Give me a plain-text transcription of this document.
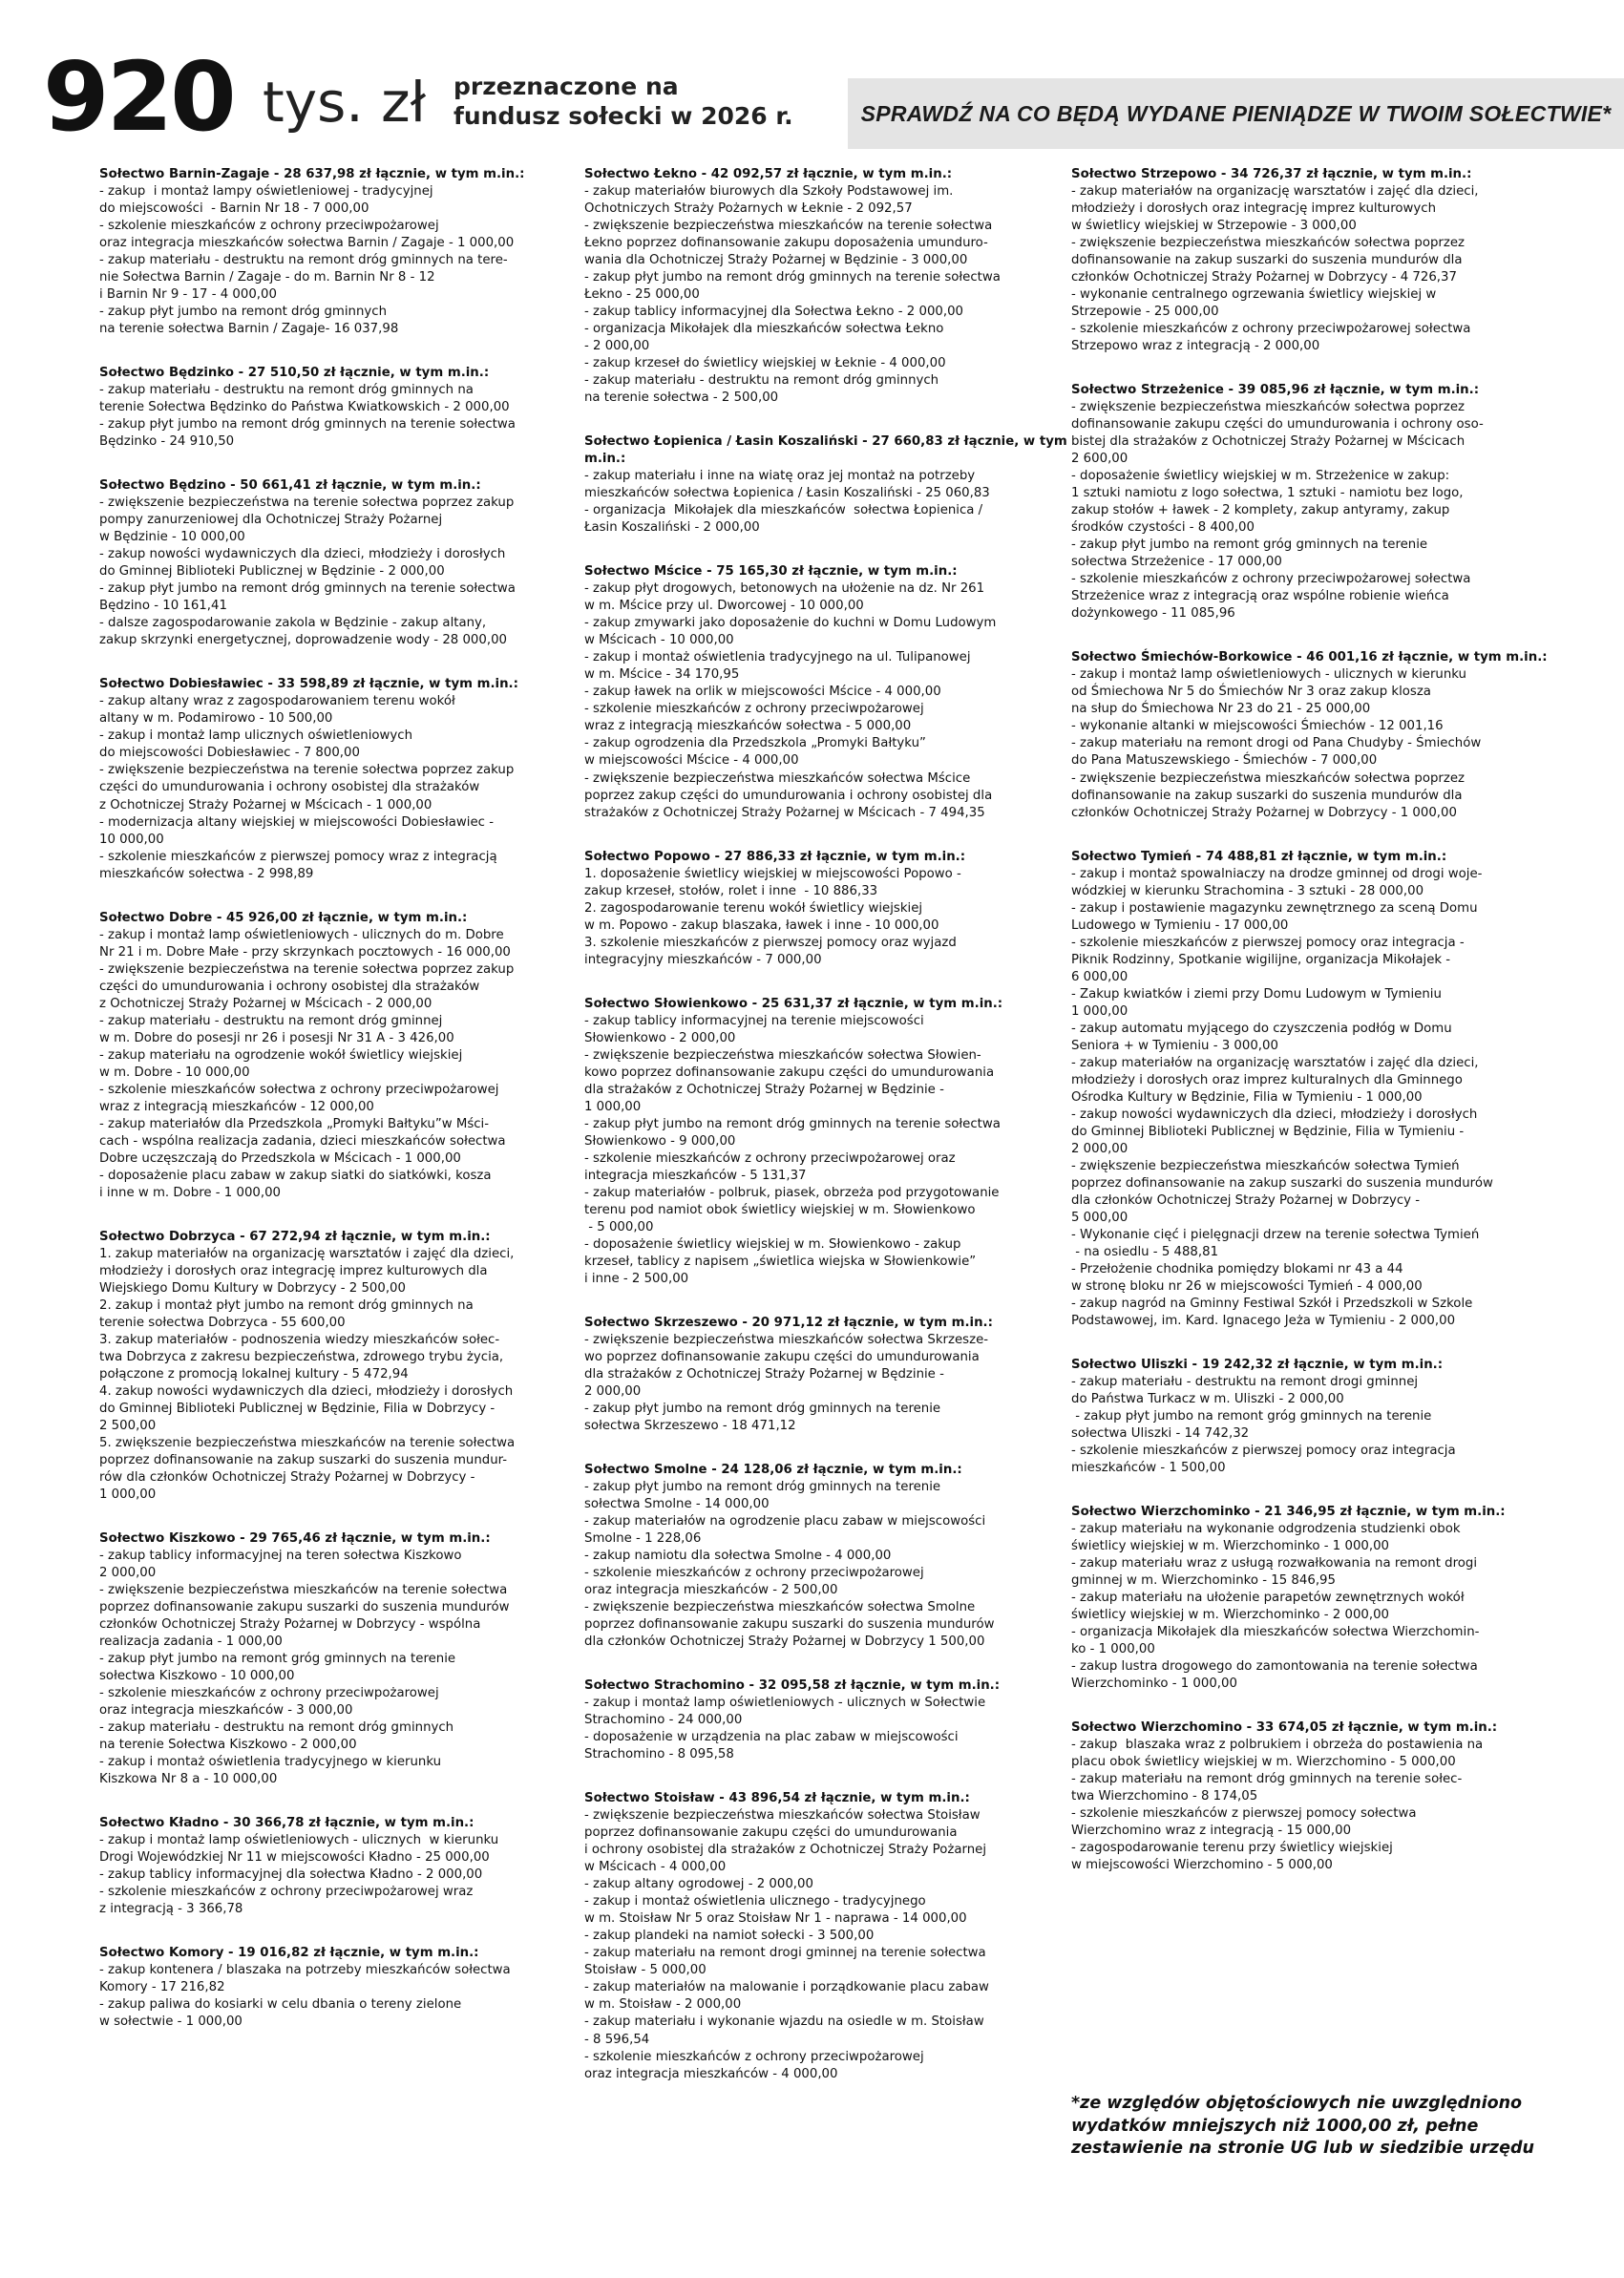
920 tys. zł przeznaczone na
fundusz sołecki w 2026 r.	SPRAWDŹ NA CO BĘDĄ WYDANE PIENIĄDZE W TWOIM SOŁECTWIE*
Sołectwo Barnin-Zagaje - 28 637,98 zł łącznie, w tym m.in.:
- zakup  i montaż lampy oświetleniowej - tradycyjnej
do miejscowości  - Barnin Nr 18 - 7 000,00
- szkolenie mieszkańców z ochrony przeciwpożarowej
oraz integracja mieszkańców sołectwa Barnin / Zagaje - 1 000,00
- zakup materiału - destruktu na remont dróg gminnych na tere-
nie Sołectwa Barnin / Zagaje - do m. Barnin Nr 8 - 12
i Barnin Nr 9 - 17 - 4 000,00
- zakup płyt jumbo na remont dróg gminnych
na terenie sołectwa Barnin / Zagaje- 16 037,98
Sołectwo Będzinko - 27 510,50 zł łącznie, w tym m.in.:
- zakup materiału - destruktu na remont dróg gminnych na
terenie Sołectwa Będzinko do Państwa Kwiatkowskich - 2 000,00
- zakup płyt jumbo na remont dróg gminnych na terenie sołectwa
Będzinko - 24 910,50
Sołectwo Będzino - 50 661,41 zł łącznie, w tym m.in.:
- zwiększenie bezpieczeństwa na terenie sołectwa poprzez zakup
pompy zanurzeniowej dla Ochotniczej Straży Pożarnej
w Będzinie - 10 000,00
- zakup nowości wydawniczych dla dzieci, młodzieży i dorosłych
do Gminnej Biblioteki Publicznej w Będzinie - 2 000,00
- zakup płyt jumbo na remont dróg gminnych na terenie sołectwa
Będzino - 10 161,41
- dalsze zagospodarowanie zakola w Będzinie - zakup altany,
zakup skrzynki energetycznej, doprowadzenie wody - 28 000,00
Sołectwo Dobiesławiec - 33 598,89 zł łącznie, w tym m.in.:
- zakup altany wraz z zagospodarowaniem terenu wokół
altany w m. Podamirowo - 10 500,00
- zakup i montaż lamp ulicznych oświetleniowych
do miejscowości Dobiesławiec - 7 800,00
- zwiększenie bezpieczeństwa na terenie sołectwa poprzez zakup
części do umundurowania i ochrony osobistej dla strażaków
z Ochotniczej Straży Pożarnej w Mścicach - 1 000,00
- modernizacja altany wiejskiej w miejscowości Dobiesławiec -
10 000,00
- szkolenie mieszkańców z pierwszej pomocy wraz z integracją
mieszkańców sołectwa - 2 998,89
Sołectwo Dobre - 45 926,00 zł łącznie, w tym m.in.:
- zakup i montaż lamp oświetleniowych - ulicznych do m. Dobre
Nr 21 i m. Dobre Małe - przy skrzynkach pocztowych - 16 000,00
- zwiększenie bezpieczeństwa na terenie sołectwa poprzez zakup
części do umundurowania i ochrony osobistej dla strażaków
z Ochotniczej Straży Pożarnej w Mścicach - 2 000,00
- zakup materiału - destruktu na remont dróg gminnej
w m. Dobre do posesji nr 26 i posesji Nr 31 A - 3 426,00
- zakup materiału na ogrodzenie wokół świetlicy wiejskiej
w m. Dobre - 10 000,00
- szkolenie mieszkańców sołectwa z ochrony przeciwpożarowej
wraz z integracją mieszkańców - 12 000,00
- zakup materiałów dla Przedszkola „Promyki Bałtyku”w Mści-
cach - wspólna realizacja zadania, dzieci mieszkańców sołectwa
Dobre uczęszczają do Przedszkola w Mścicach - 1 000,00
- doposażenie placu zabaw w zakup siatki do siatkówki, kosza
i inne w m. Dobre - 1 000,00
Sołectwo Dobrzyca - 67 272,94 zł łącznie, w tym m.in.:
1. zakup materiałów na organizację warsztatów i zajęć dla dzieci,
młodzieży i dorosłych oraz integrację imprez kulturowych dla
Wiejskiego Domu Kultury w Dobrzycy - 2 500,00
2. zakup i montaż płyt jumbo na remont dróg gminnych na
terenie sołectwa Dobrzyca - 55 600,00
3. zakup materiałów - podnoszenia wiedzy mieszkańców sołec-
twa Dobrzyca z zakresu bezpieczeństwa, zdrowego trybu życia,
połączone z promocją lokalnej kultury - 5 472,94
4. zakup nowości wydawniczych dla dzieci, młodzieży i dorosłych
do Gminnej Biblioteki Publicznej w Będzinie, Filia w Dobrzycy -
2 500,00
5. zwiększenie bezpieczeństwa mieszkańców na terenie sołectwa
poprzez dofinansowanie na zakup suszarki do suszenia mundur-
rów dla członków Ochotniczej Straży Pożarnej w Dobrzycy -
1 000,00
Sołectwo Kiszkowo - 29 765,46 zł łącznie, w tym m.in.:
- zakup tablicy informacyjnej na teren sołectwa Kiszkowo
2 000,00
- zwiększenie bezpieczeństwa mieszkańców na terenie sołectwa
poprzez dofinansowanie zakupu suszarki do suszenia mundurów
członków Ochotniczej Straży Pożarnej w Dobrzycy - wspólna
realizacja zadania - 1 000,00
- zakup płyt jumbo na remont gróg gminnych na terenie
sołectwa Kiszkowo - 10 000,00
- szkolenie mieszkańców z ochrony przeciwpożarowej
oraz integracja mieszkańców - 3 000,00
- zakup materiału - destruktu na remont dróg gminnych
na terenie Sołectwa Kiszkowo - 2 000,00
- zakup i montaż oświetlenia tradycyjnego w kierunku
Kiszkowa Nr 8 a - 10 000,00
Sołectwo Kładno - 30 366,78 zł łącznie, w tym m.in.:
- zakup i montaż lamp oświetleniowych - ulicznych  w kierunku
Drogi Wojewódzkiej Nr 11 w miejscowości Kładno - 25 000,00
- zakup tablicy informacyjnej dla sołectwa Kładno - 2 000,00
- szkolenie mieszkańców z ochrony przeciwpożarowej wraz
z integracją - 3 366,78
Sołectwo Komory - 19 016,82 zł łącznie, w tym m.in.:
- zakup kontenera / blaszaka na potrzeby mieszkańców sołectwa
Komory - 17 216,82
- zakup paliwa do kosiarki w celu dbania o tereny zielone
w sołectwie - 1 000,00
Sołectwo Łekno - 42 092,57 zł łącznie, w tym m.in.:
- zakup materiałów biurowych dla Szkoły Podstawowej im.
Ochotniczych Straży Pożarnych w Łeknie - 2 092,57
- zwiększenie bezpieczeństwa mieszkańców na terenie sołectwa
Łekno poprzez dofinansowanie zakupu doposażenia umunduro-
wania dla Ochotniczej Straży Pożarnej w Będzinie - 3 000,00
- zakup płyt jumbo na remont dróg gminnych na terenie sołectwa
Łekno - 25 000,00
- zakup tablicy informacyjnej dla Sołectwa Łekno - 2 000,00
- organizacja Mikołajek dla mieszkańców sołectwa Łekno
- 2 000,00
- zakup krzeseł do świetlicy wiejskiej w Łeknie - 4 000,00
- zakup materiału - destruktu na remont dróg gminnych
na terenie sołectwa - 2 500,00
Sołectwo Łopienica / Łasin Koszaliński - 27 660,83 zł łącznie, w tym m.in.:
- zakup materiału i inne na wiatę oraz jej montaż na potrzeby
mieszkańców sołectwa Łopienica / Łasin Koszaliński - 25 060,83
- organizacja  Mikołajek dla mieszkańców  sołectwa Łopienica /
Łasin Koszaliński - 2 000,00
Sołectwo Mścice - 75 165,30 zł łącznie, w tym m.in.:
- zakup płyt drogowych, betonowych na ułożenie na dz. Nr 261
w m. Mścice przy ul. Dworcowej - 10 000,00
- zakup zmywarki jako doposażenie do kuchni w Domu Ludowym
w Mścicach - 10 000,00
- zakup i montaż oświetlenia tradycyjnego na ul. Tulipanowej
w m. Mścice - 34 170,95
- zakup ławek na orlik w miejscowości Mścice - 4 000,00
- szkolenie mieszkańców z ochrony przeciwpożarowej
wraz z integracją mieszkańców sołectwa - 5 000,00
- zakup ogrodzenia dla Przedszkola „Promyki Bałtyku”
w miejscowości Mścice - 4 000,00
- zwiększenie bezpieczeństwa mieszkańców sołectwa Mścice
poprzez zakup części do umundurowania i ochrony osobistej dla
strażaków z Ochotniczej Straży Pożarnej w Mścicach - 7 494,35
Sołectwo Popowo - 27 886,33 zł łącznie, w tym m.in.:
1. doposażenie świetlicy wiejskiej w miejscowości Popowo -
zakup krzeseł, stołów, rolet i inne  - 10 886,33
2. zagospodarowanie terenu wokół świetlicy wiejskiej
w m. Popowo - zakup blaszaka, ławek i inne - 10 000,00
3. szkolenie mieszkańców z pierwszej pomocy oraz wyjazd
integracyjny mieszkańców - 7 000,00
Sołectwo Słowienkowo - 25 631,37 zł łącznie, w tym m.in.:
- zakup tablicy informacyjnej na terenie miejscowości
Słowienkowo - 2 000,00
- zwiększenie bezpieczeństwa mieszkańców sołectwa Słowien-
kowo poprzez dofinansowanie zakupu części do umundurowania
dla strażaków z Ochotniczej Straży Pożarnej w Będzinie -
1 000,00
- zakup płyt jumbo na remont dróg gminnych na terenie sołectwa
Słowienkowo - 9 000,00
- szkolenie mieszkańców z ochrony przeciwpożarowej oraz
integracja mieszkańców - 5 131,37
- zakup materiałów - polbruk, piasek, obrzeża pod przygotowanie
terenu pod namiot obok świetlicy wiejskiej w m. Słowienkowo
- 5 000,00
- doposażenie świetlicy wiejskiej w m. Słowienkowo - zakup
krzeseł, tablicy z napisem „świetlica wiejska w Słowienkowie”
i inne - 2 500,00
Sołectwo Skrzeszewo - 20 971,12 zł łącznie, w tym m.in.:
- zwiększenie bezpieczeństwa mieszkańców sołectwa Skrzesze-
wo poprzez dofinansowanie zakupu części do umundurowania
dla strażaków z Ochotniczej Straży Pożarnej w Będzinie -
2 000,00
- zakup płyt jumbo na remont dróg gminnych na terenie
sołectwa Skrzeszewo - 18 471,12
Sołectwo Smolne - 24 128,06 zł łącznie, w tym m.in.:
- zakup płyt jumbo na remont dróg gminnych na terenie
sołectwa Smolne - 14 000,00
- zakup materiałów na ogrodzenie placu zabaw w miejscowości
Smolne - 1 228,06
- zakup namiotu dla sołectwa Smolne - 4 000,00
- szkolenie mieszkańców z ochrony przeciwpożarowej
oraz integracja mieszkańców - 2 500,00
- zwiększenie bezpieczeństwa mieszkańców sołectwa Smolne
poprzez dofinansowanie zakupu suszarki do suszenia mundurów
dla członków Ochotniczej Straży Pożarnej w Dobrzycy 1 500,00
Sołectwo Strachomino - 32 095,58 zł łącznie, w tym m.in.:
- zakup i montaż lamp oświetleniowych - ulicznych w Sołectwie
Strachomino - 24 000,00
- doposażenie w urządzenia na plac zabaw w miejscowości
Strachomino - 8 095,58
Sołectwo Stoisław - 43 896,54 zł łącznie, w tym m.in.:
- zwiększenie bezpieczeństwa mieszkańców sołectwa Stoisław
poprzez dofinansowanie zakupu części do umundurowania
i ochrony osobistej dla strażaków z Ochotniczej Straży Pożarnej
w Mścicach - 4 000,00
- zakup altany ogrodowej - 2 000,00
- zakup i montaż oświetlenia ulicznego - tradycyjnego
w m. Stoisław Nr 5 oraz Stoisław Nr 1 - naprawa - 14 000,00
- zakup plandeki na namiot sołecki - 3 500,00
- zakup materiału na remont drogi gminnej na terenie sołectwa
Stoisław - 5 000,00
- zakup materiałów na malowanie i porządkowanie placu zabaw
w m. Stoisław - 2 000,00
- zakup materiału i wykonanie wjazdu na osiedle w m. Stoisław
- 8 596,54
- szkolenie mieszkańców z ochrony przeciwpożarowej
oraz integracja mieszkańców - 4 000,00
Sołectwo Strzepowo - 34 726,37 zł łącznie, w tym m.in.:
- zakup materiałów na organizację warsztatów i zajęć dla dzieci,
młodzieży i dorosłych oraz integrację imprez kulturowych
w świetlicy wiejskiej w Strzepowie - 3 000,00
- zwiększenie bezpieczeństwa mieszkańców sołectwa poprzez
dofinansowanie na zakup suszarki do suszenia mundurów dla
członków Ochotniczej Straży Pożarnej w Dobrzycy - 4 726,37
- wykonanie centralnego ogrzewania świetlicy wiejskiej w
Strzepowie - 25 000,00
- szkolenie mieszkańców z ochrony przeciwpożarowej sołectwa
Strzepowo wraz z integracją - 2 000,00
Sołectwo Strzeżenice - 39 085,96 zł łącznie, w tym m.in.:
- zwiększenie bezpieczeństwa mieszkańców sołectwa poprzez
dofinansowanie zakupu części do umundurowania i ochrony oso-
bistej dla strażaków z Ochotniczej Straży Pożarnej w Mścicach
2 600,00
- doposażenie świetlicy wiejskiej w m. Strzeżenice w zakup:
1 sztuki namiotu z logo sołectwa, 1 sztuki - namiotu bez logo,
zakup stołów + ławek - 2 komplety, zakup antyramy, zakup
środków czystości - 8 400,00
- zakup płyt jumbo na remont gróg gminnych na terenie
sołectwa Strzeżenice - 17 000,00
- szkolenie mieszkańców z ochrony przeciwpożarowej sołectwa
Strzeżenice wraz z integracją oraz wspólne robienie wieńca
dożynkowego - 11 085,96
Sołectwo Śmiechów-Borkowice - 46 001,16 zł łącznie, w tym m.in.:
- zakup i montaż lamp oświetleniowych - ulicznych w kierunku
od Śmiechowa Nr 5 do Śmiechów Nr 3 oraz zakup klosza
na słup do Śmiechowa Nr 23 do 21 - 25 000,00
- wykonanie altanki w miejscowości Śmiechów - 12 001,16
- zakup materiału na remont drogi od Pana Chudyby - Śmiechów
do Pana Matuszewskiego - Śmiechów - 7 000,00
- zwiększenie bezpieczeństwa mieszkańców sołectwa poprzez
dofinansowanie na zakup suszarki do suszenia mundurów dla
członków Ochotniczej Straży Pożarnej w Dobrzycy - 1 000,00
Sołectwo Tymień - 74 488,81 zł łącznie, w tym m.in.:
- zakup i montaż spowalniaczy na drodze gminnej od drogi woje-
wódzkiej w kierunku Strachomina - 3 sztuki - 28 000,00
- zakup i postawienie magazynku zewnętrznego za sceną Domu
Ludowego w Tymieniu - 17 000,00
- szkolenie mieszkańców z pierwszej pomocy oraz integracja -
Piknik Rodzinny, Spotkanie wigilijne, organizacja Mikołajek -
6 000,00
- Zakup kwiatków i ziemi przy Domu Ludowym w Tymieniu
1 000,00
- zakup automatu myjącego do czyszczenia podłóg w Domu
Seniora + w Tymieniu - 3 000,00
- zakup materiałów na organizację warsztatów i zajęć dla dzieci,
młodzieży i dorosłych oraz imprez kulturalnych dla Gminnego
Ośrodka Kultury w Będzinie, Filia w Tymieniu - 1 000,00
- zakup nowości wydawniczych dla dzieci, młodzieży i dorosłych
do Gminnej Biblioteki Publicznej w Będzinie, Filia w Tymieniu -
2 000,00
- zwiększenie bezpieczeństwa mieszkańców sołectwa Tymień
poprzez dofinansowanie na zakup suszarki do suszenia mundurów
dla członków Ochotniczej Straży Pożarnej w Dobrzycy -
5 000,00
- Wykonanie cięć i pielęgnacji drzew na terenie sołectwa Tymień
- na osiedlu - 5 488,81
- Przełożenie chodnika pomiędzy blokami nr 43 a 44
w stronę bloku nr 26 w miejscowości Tymień - 4 000,00
- zakup nagród na Gminny Festiwal Szkół i Przedszkoli w Szkole
Podstawowej, im. Kard. Ignacego Jeża w Tymieniu - 2 000,00
Sołectwo Uliszki - 19 242,32 zł łącznie, w tym m.in.:
- zakup materiału - destruktu na remont drogi gminnej
do Państwa Turkacz w m. Uliszki - 2 000,00
- zakup płyt jumbo na remont gróg gminnych na terenie
sołectwa Uliszki - 14 742,32
- szkolenie mieszkańców z pierwszej pomocy oraz integracja
mieszkańców - 1 500,00
Sołectwo Wierzchominko - 21 346,95 zł łącznie, w tym m.in.:
- zakup materiału na wykonanie odgrodzenia studzienki obok
świetlicy wiejskiej w m. Wierzchominko - 1 000,00
- zakup materiału wraz z usługą rozwałkowania na remont drogi
gminnej w m. Wierzchominko - 15 846,95
- zakup materiału na ułożenie parapetów zewnętrznych wokół
świetlicy wiejskiej w m. Wierzchominko - 2 000,00
- organizacja Mikołajek dla mieszkańców sołectwa Wierzchomin-
ko - 1 000,00
- zakup lustra drogowego do zamontowania na terenie sołectwa
Wierzchominko - 1 000,00
Sołectwo Wierzchomino - 33 674,05 zł łącznie, w tym m.in.:
- zakup  blaszaka wraz z polbrukiem i obrzeża do postawienia na
placu obok świetlicy wiejskiej w m. Wierzchomino - 5 000,00
- zakup materiału na remont dróg gminnych na terenie sołec-
twa Wierzchomino - 8 174,05
- szkolenie mieszkańców z pierwszej pomocy sołectwa
Wierzchomino wraz z integracją - 15 000,00
- zagospodarowanie terenu przy świetlicy wiejskiej
w miejscowości Wierzchomino - 5 000,00
*ze względów objętościowych nie uwzględniono
wydatków mniejszych niż 1000,00 zł, pełne
zestawienie na stronie UG lub w siedzibie urzędu
